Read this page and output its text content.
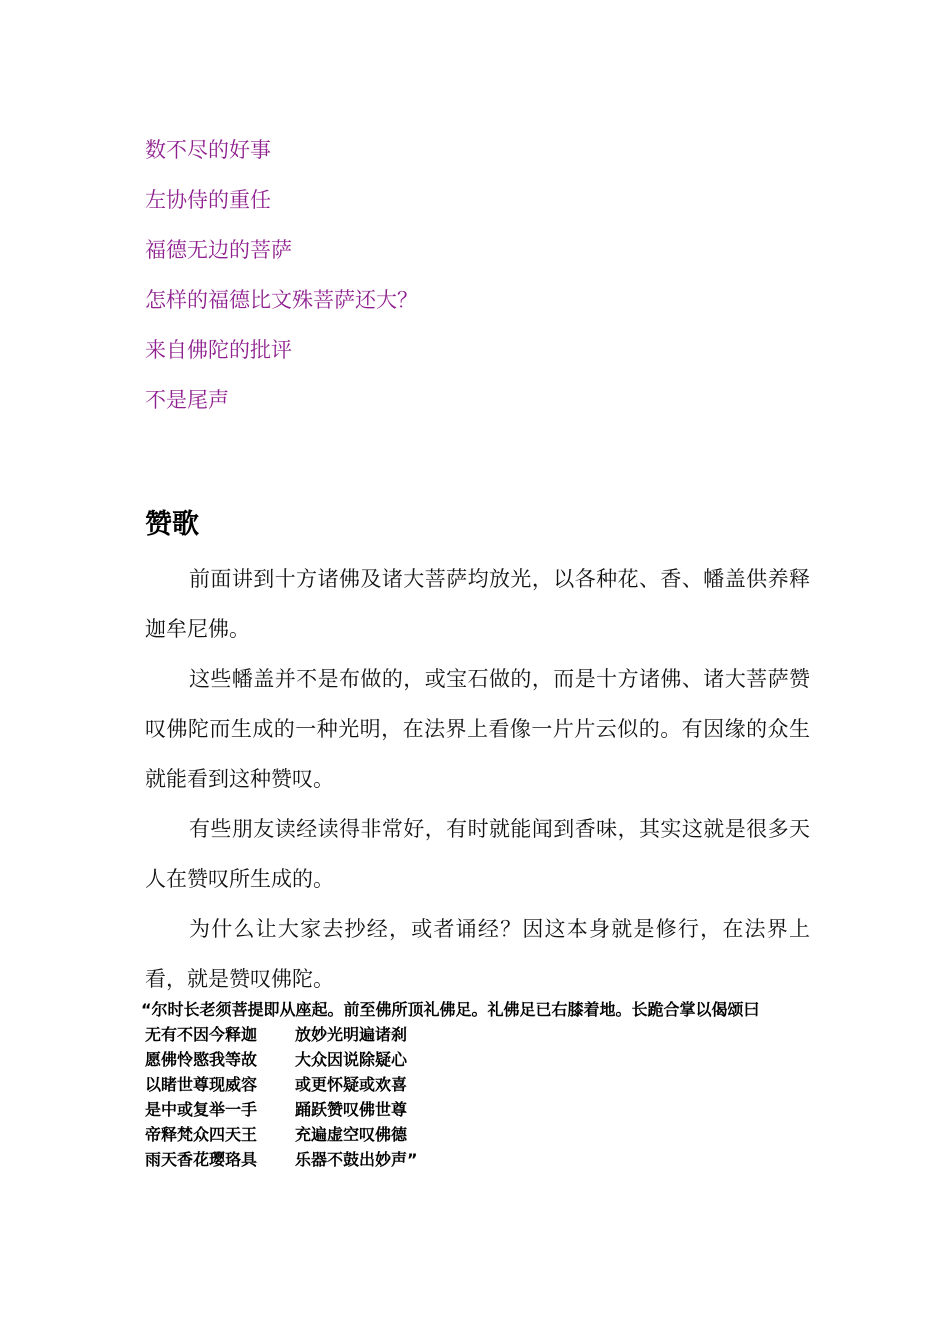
数不尽的好事
左协侍的重任
福德无边的菩萨
怎样的福德比文殊菩萨还大？
来自佛陀的批评
不是尾声
赞歌

前面讲到十方诸佛及诸大菩萨均放光，以各种花、香、幡盖供养释迦牟尼佛。

这些幡盖并不是布做的，或宝石做的，而是十方诸佛、诸大菩萨赞叹佛陀而生成的一种光明，在法界上看像一片片云似的。有因缘的众生就能看到这种赞叹。

有些朋友读经读得非常好，有时就能闻到香味，其实这就是很多天人在赞叹所生成的。

为什么让大家去抄经，或者诵经？因这本身就是修行，在法界上看，就是赞叹佛陀。

“尔时长老须菩提即从座起。前至佛所顶礼佛足。礼佛足已右膝着地。长跪合掌以偈颂曰

无有不因今释迦	放妙光明遍诸刹
愿佛怜愍我等故	大众因说除疑心
以睹世尊现威容	或更怀疑或欢喜
是中或复举一手	踊跃赞叹佛世尊
帝释梵众四天王	充遍虚空叹佛德
雨天香花璎珞具	乐器不鼓出妙声”
